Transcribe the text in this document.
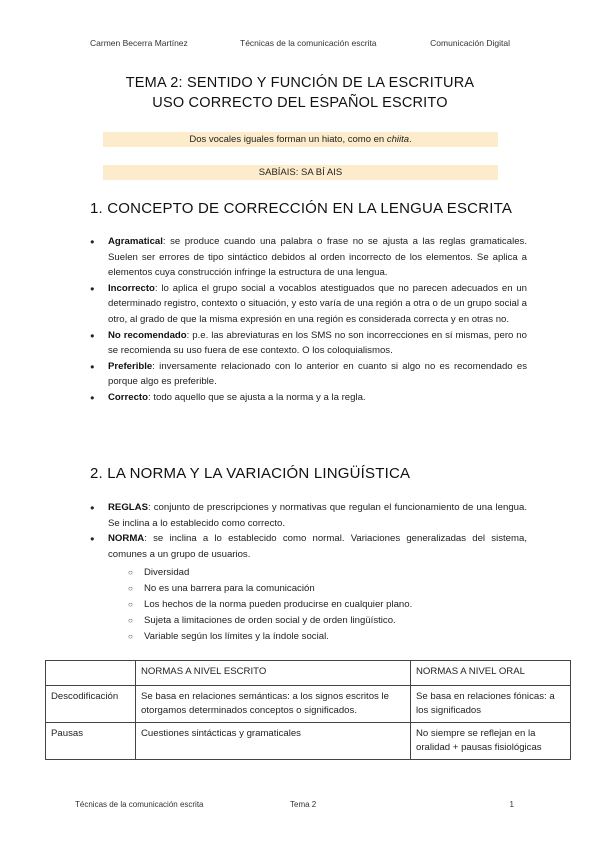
Carmen Becerra Martínez	Técnicas de la comunicación escrita	Comunicación Digital
TEMA 2: SENTIDO Y FUNCIÓN DE LA ESCRITURA
USO CORRECTO DEL ESPAÑOL ESCRITO
Dos vocales iguales forman un hiato, como en chiita.
SABÍAIS: SA BÍ AIS
1. CONCEPTO DE CORRECCIÓN EN LA LENGUA ESCRITA
● Agramatical: se produce cuando una palabra o frase no se ajusta a las reglas gramaticales. Suelen ser errores de tipo sintáctico debidos al orden incorrecto de los elementos. Se aplica a elementos cuya construcción infringe la estructura de una lengua.
● Incorrecto: lo aplica el grupo social a vocablos atestiguados que no parecen adecuados en un determinado registro, contexto o situación, y esto varía de una región a otra o de un grupo social a otro, al grado de que la misma expresión en una región es considerada correcta y en otras no.
● No recomendado: p.e. las abreviaturas en los SMS no son incorrecciones en sí mismas, pero no se recomienda su uso fuera de ese contexto. O los coloquialismos.
● Preferible: inversamente relacionado con lo anterior en cuanto si algo no es recomendado es porque algo es preferible.
● Correcto: todo aquello que se ajusta a la norma y a la regla.
2. LA NORMA Y LA VARIACIÓN LINGÜÍSTICA
● REGLAS: conjunto de prescripciones y normativas que regulan el funcionamiento de una lengua. Se inclina a lo establecido como correcto.
● NORMA: se inclina a lo establecido como normal. Variaciones generalizadas del sistema, comunes a un grupo de usuarios.
○ Diversidad
○ No es una barrera para la comunicación
○ Los hechos de la norma pueden producirse en cualquier plano.
○ Sujeta a limitaciones de orden social y de orden lingüístico.
○ Variable según los límites y la índole social.
	NORMAS A NIVEL ESCRITO	NORMAS A NIVEL ORAL
Descodificación	Se basa en relaciones semánticas: a los signos escritos le otorgamos determinados conceptos o significados.	Se basa en relaciones fónicas: a los significados
Pausas	Cuestiones sintácticas y gramaticales	No siempre se reflejan en la oralidad + pausas fisiológicas
Técnicas de la comunicación escrita	Tema 2	1
